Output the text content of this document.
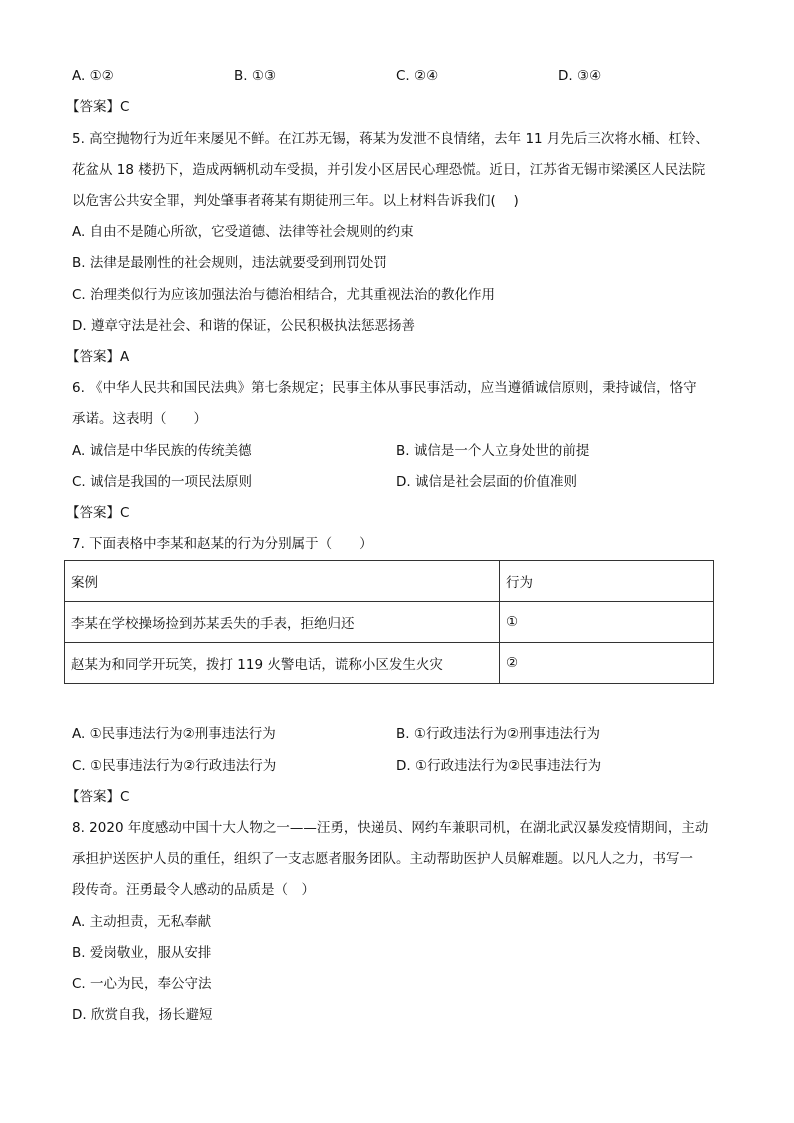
A. ①②	B. ①③	C. ②④	D. ③④
【答案】C
5. 高空抛物行为近年来屡见不鲜。在江苏无锡，蒋某为发泄不良情绪，去年 11 月先后三次将水桶、杠铃、
花盆从 18 楼扔下，造成两辆机动车受损，并引发小区居民心理恐慌。近日，江苏省无锡市梁溪区人民法院
以危害公共安全罪，判处肇事者蒋某有期徒刑三年。以上材料告诉我们(　 )
A. 自由不是随心所欲，它受道德、法律等社会规则的约束
B. 法律是最刚性的社会规则，违法就要受到刑罚处罚
C. 治理类似行为应该加强法治与德治相结合，尤其重视法治的教化作用
D. 遵章守法是社会、和谐的保证，公民积极执法惩恶扬善
【答案】A
6. 《中华人民共和国民法典》第七条规定；民事主体从事民事活动，应当遵循诚信原则，秉持诚信，恪守
承诺。这表明（　　）
A. 诚信是中华民族的传统美德	B. 诚信是一个人立身处世的前提
C. 诚信是我国的一项民法原则	D. 诚信是社会层面的价值准则
【答案】C
7. 下面表格中李某和赵某的行为分别属于（　　）
案例	行为
李某在学校操场捡到苏某丢失的手表，拒绝归还	①
赵某为和同学开玩笑，拨打 119 火警电话，谎称小区发生火灾	②
A. ①民事违法行为②刑事违法行为	B. ①行政违法行为②刑事违法行为
C. ①民事违法行为②行政违法行为	D. ①行政违法行为②民事违法行为
【答案】C
8. 2020 年度感动中国十大人物之一——汪勇，快递员、网约车兼职司机，在湖北武汉暴发疫情期间，主动
承担护送医护人员的重任，组织了一支志愿者服务团队。主动帮助医护人员解难题。以凡人之力，书写一
段传奇。汪勇最令人感动的品质是（　）
A. 主动担责，无私奉献
B. 爱岗敬业，服从安排
C. 一心为民，奉公守法
D. 欣赏自我，扬长避短
